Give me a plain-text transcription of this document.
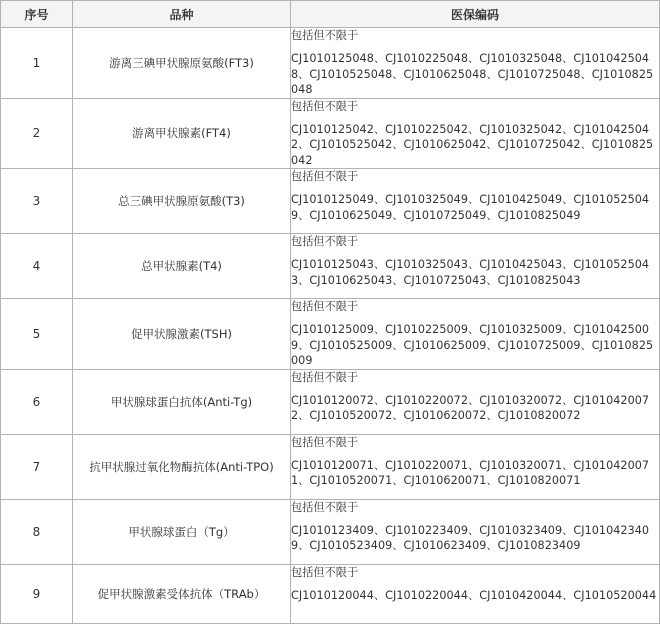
序号	品种	医保编码
1	游离三碘甲状腺原氨酸(FT3)	包括但不限于
CJ1010125048、CJ1010225048、CJ1010325048、CJ1010425048、CJ1010525048、CJ1010625048、CJ1010725048、CJ1010825048

2	游离甲状腺素(FT4)	包括但不限于
CJ1010125042、CJ1010225042、CJ1010325042、CJ1010425042、CJ1010525042、CJ1010625042、CJ1010725042、CJ1010825042

3	总三碘甲状腺原氨酸(T3)	包括但不限于
CJ1010125049、CJ1010325049、CJ1010425049、CJ1010525049、CJ1010625049、CJ1010725049、CJ1010825049

4	总甲状腺素(T4)	包括但不限于
CJ1010125043、CJ1010325043、CJ1010425043、CJ1010525043、CJ1010625043、CJ1010725043、CJ1010825043

5	促甲状腺激素(TSH)	包括但不限于
CJ1010125009、CJ1010225009、CJ1010325009、CJ1010425009、CJ1010525009、CJ1010625009、CJ1010725009、CJ1010825009

6	甲状腺球蛋白抗体(Anti-Tg)	包括但不限于
CJ1010120072、CJ1010220072、CJ1010320072、CJ1010420072、CJ1010520072、CJ1010620072、CJ1010820072

7	抗甲状腺过氧化物酶抗体(Anti-TPO)	包括但不限于
CJ1010120071、CJ1010220071、CJ1010320071、CJ1010420071、CJ1010520071、CJ1010620071、CJ1010820071

8	甲状腺球蛋白（Tg）	包括但不限于
CJ1010123409、CJ1010223409、CJ1010323409、CJ1010423409、CJ1010523409、CJ1010623409、CJ1010823409

9	促甲状腺激素受体抗体（TRAb）	包括但不限于
CJ1010120044、CJ1010220044、CJ1010420044、CJ1010520044
